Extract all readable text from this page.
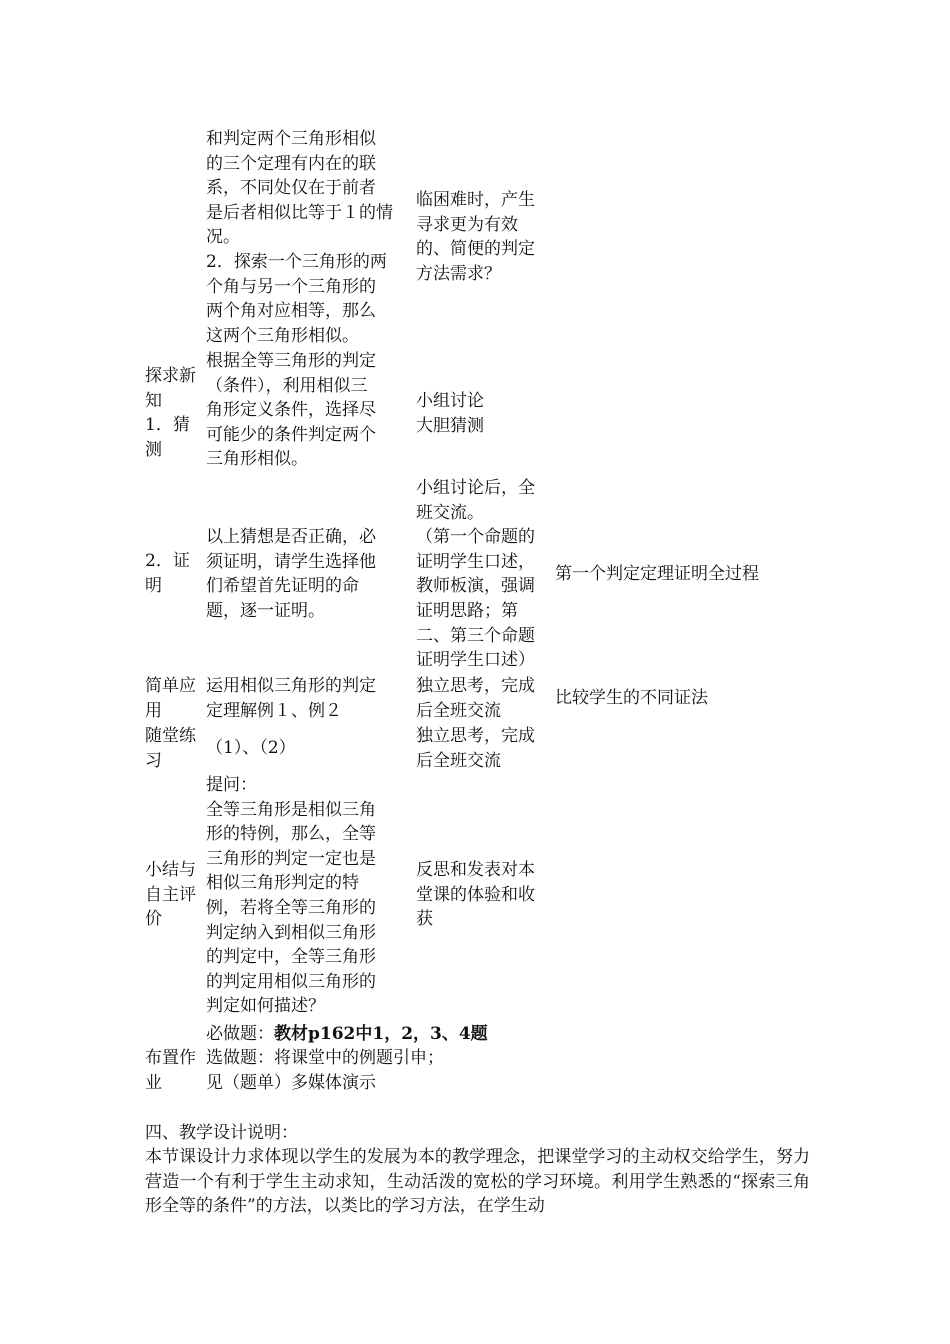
和判定两个三角形相似
的三个定理有内在的联
系，不同处仅在于前者
是后者相似比等于１的情
况。
2．探索一个三角形的两
个角与另一个三角形的
两个角对应相等，那么
这两个三角形相似。
临困难时，产生
寻求更为有效
的、简便的判定
方法需求？
探求新
知
1．猜
测
根据全等三角形的判定
（条件），利用相似三
角形定义条件，选择尽
可能少的条件判定两个
三角形相似。
小组讨论
大胆猜测
2．证
明
以上猜想是否正确，必
须证明，请学生选择他
们希望首先证明的命
题，逐一证明。
小组讨论后，全
班交流。
（第一个命题的
证明学生口述，
教师板演，强调
证明思路；第
二、第三个命题
证明学生口述）
第一个判定定理证明全过程
简单应
用
运用相似三角形的判定
定理解例１、例２
独立思考，完成
后全班交流
比较学生的不同证法
随堂练
习
（1）、（2）
独立思考，完成
后全班交流
小结与
自主评
价
提问：
全等三角形是相似三角
形的特例，那么，全等
三角形的判定一定也是
相似三角形判定的特
例，若将全等三角形的
判定纳入到相似三角形
的判定中，全等三角形
的判定用相似三角形的
判定如何描述？
反思和发表对本
堂课的体验和收
获
布置作
业
必做题：教材p162中1，2，3、4题
选做题：将课堂中的例题引申；
见（题单）多媒体演示
四、教学设计说明：
本节课设计力求体现以学生的发展为本的教学理念，把课堂学习的主动权交给学生，努力营造一个有利于学生主动求知，生动活泼的宽松的学习环境。利用学生熟悉的“探索三角形全等的条件”的方法，以类比的学习方法，在学生动
